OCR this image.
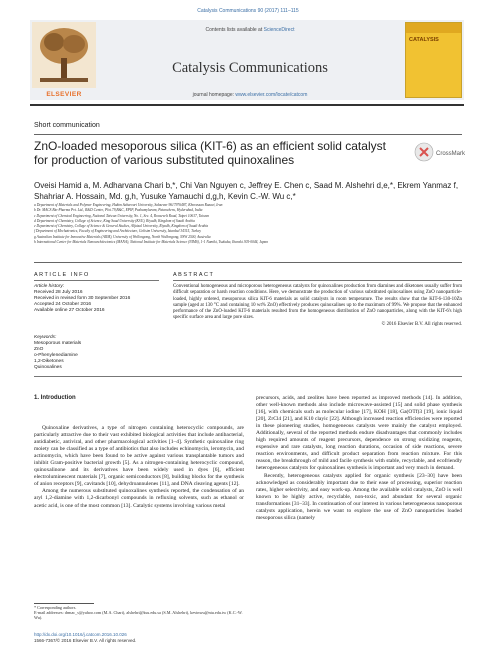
Catalysis Communications 90 (2017) 111–115
ELSEVIER
Contents lists available at ScienceDirect
Catalysis Communications
journal homepage: www.elsevier.com/locate/catcom
CATALYSIS
Short communication
ZnO-loaded mesoporous silica (KIT-6) as an efficient solid catalyst for production of various substituted quinoxalines	CrossMark
Oveisi Hamid a, M. Adharvana Chari b,*, Chi Van Nguyen c, Jeffrey E. Chen c, Saad M. Alshehri d,e,*, Ekrem Yanmaz f, Shahriar A. Hossain, Md. g,h, Yusuke Yamauchi d,g,h, Kevin C.-W. Wu c,*
a Department of Materials and Polymer Engineering, Hakim Sabzevari University, Sabzevar 9617976487, Khorassan Razavi, Iran
b Dr. MACS Bio-Pharma Pvt. Ltd., R&D Centre, Plot.79,B&C, EPIP, Pashamylaram, Patancheru, Hyderabad, India
c Department of Chemical Engineering, National Taiwan University, No. 1, Sec. 4, Roosevelt Road, Taipei 10617, Taiwan
d Department of Chemistry, College of Science, King Saud University (KSU), Riyadh, Kingdom of Saudi Arabia
e Department of Chemistry, College of Science & General Studies, Alfaisal University, Riyadh, Kingdom of Saudi Arabia
f Department of Mechatronics, Faculty of Engineering and Architecture, Gelisim University, Istanbul 34315, Turkey
g Australian Institute for Innovative Materials (AIIM), University of Wollongong, North Wollongong, NSW 2500, Australia
h International Center for Materials Nanoarchitectonics (MANA), National Institute for Materials Science (NIMS), 1-1 Namiki, Tsukuba, Ibaraki 305-0044, Japan
ARTICLE INFO	ABSTRACT
Article history:
Received 28 July 2016
Received in revised form 30 September 2016
Accepted 24 October 2016
Available online 27 October 2016
Keywords:
Mesoporous materials
ZnO
o-Phenylenediamine
1,2-Diketones
Quinoxalines
Conventional homogeneous and microporous heterogeneous catalysts for quinoxalines production from diamines and diketones usually suffer from difficult separation or harsh reaction conditions. Here, we demonstrate the production of various substituted quinoxalines using ZnO nanoparticle-loaded, highly ordered, mesoporous silica KIT-6 materials as solid catalysts in room temperature. The results show that the KIT-6-130-10Zn sample (aged at 130 °C and containing 10 wt% ZnO) effectively produces quinoxalines up to the maximum of 99%. We propose that the enhanced performance of the ZnO-loaded KIT-6 materials resulted from the homogeneous distribution of ZnO nanoparticles, along with the KIT-6's high specific surface area and large pore sizes.
© 2016 Elsevier B.V. All rights reserved.
1. Introduction

Quinoxaline derivatives, a type of nitrogen containing heterocyclic compounds, are particularly attractive due to their vast exhibited biological activities that include antibacterial, antidiabetic, antiviral, and other pharmacological activities [1–4]. Synthetic quinoxaline ring moiety can be classified as a type of antibiotics that also includes echinomycin, leromycin, and actinomycin, which have been found to be active against various transplantable tumors and inhibit Gram-positive bacterial growth [5]. As a nitrogen-containing heterocyclic compound, quinoxalinone and its derivatives have been widely used in dyes [6], efficient electroluminescent materials [7], organic semiconductors [8], building blocks for the synthesis of anion receptors [9], cavitands [10], dehydroannulenes [11], and DNA cleaving agents [12].

Among the numerous substituted quinoxalines synthesis reported, the condensation of an aryl 1,2-diamine with 1,2-dicarbonyl compounds in refluxing solvents, such as ethanol or acetic acid, is one of the most common [13]. Catalytic systems involving various metal

precursors, acids, and zeolites have been reported as improved methods [14]. In addition, other well-known methods also include microwave-assisted [15] and solid phase synthesis [16], with chemicals such as molecular iodine [17], KOH [18], Ga(OTf)3 [19], ionic liquid [20], ZrCl4 [21], and K10 clayic [22]. Although increased reaction efficiencies were reported in these pioneering studies, homogeneous catalysts were mainly the catalyst employed. Additionally, several of the reported methods endure disadvantages that commonly includes high required amounts of reagent precursors, dependence on strong oxidizing reagents, expensive and rare catalysts, long reaction durations, occasion of side reactions, severe reaction environments, and difficult product separation from reaction mixture. For this reason, the breakthrough of mild and facile synthesis with stable, recyclable, and ecofriendly heterogeneous catalysts for quinoxalines synthesis is important and very much in demand.

Recently, heterogeneous catalysts applied for organic synthesis [23–30] have been acknowledged as considerably important due to their ease of processing, superior reaction rates, higher selectivity, and easy work-up. Among the available solid catalysts, ZnO is well known to be highly active, recyclable, non-toxic, and abundant for several organic transformations [31–33]. In continuation of our interest in various heterogeneous nanoporous catalysts application, herein we want to explore the use of ZnO nanoparticles loaded mesoporous silica (namely

* Corresponding authors.
E-mail addresses: drmac_s@yahoo.com (M.A. Chari), alshehri@ksu.edu.sa (S.M. Alshehri), kevinwu@ntu.edu.tw (K.C.-W. Wu).
http://dx.doi.org/10.1016/j.catcom.2016.10.026
1566-7367/© 2016 Elsevier B.V. All rights reserved.
